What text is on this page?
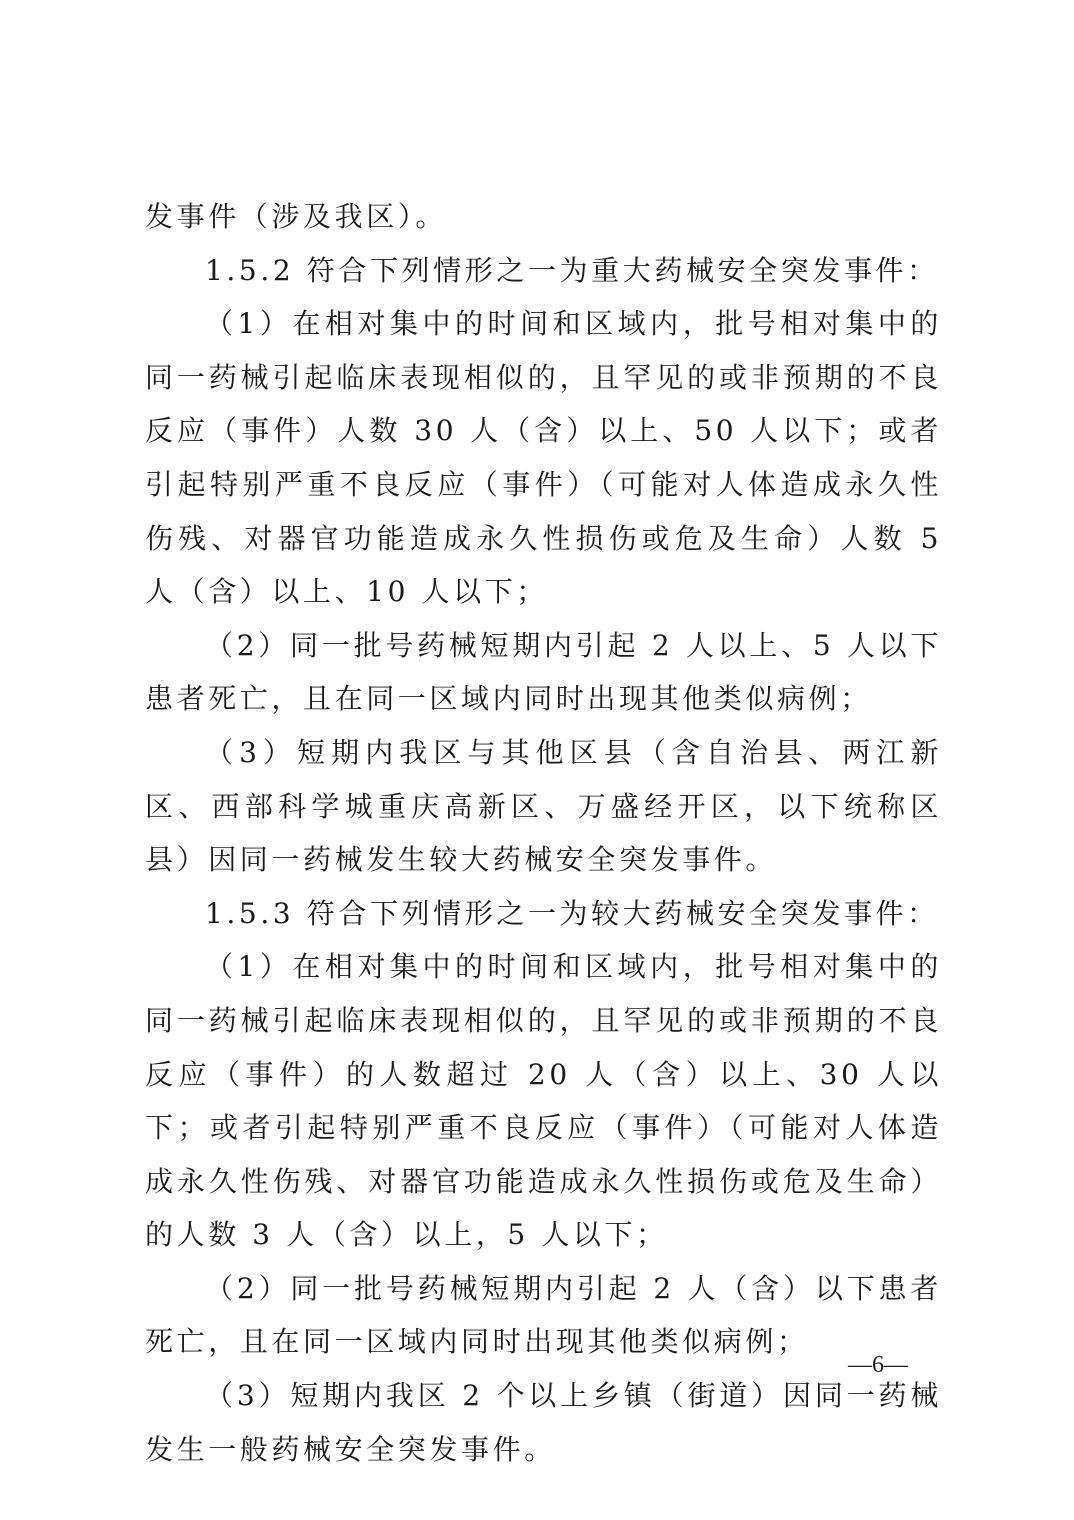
发事件（涉及我区）。

1.5.2 符合下列情形之一为重大药械安全突发事件：

（1）在相对集中的时间和区域内，批号相对集中的同一药械引起临床表现相似的，且罕见的或非预期的不良反应（事件）人数 30 人（含）以上、50 人以下；或者引起特别严重不良反应（事件）（可能对人体造成永久性伤残、对器官功能造成永久性损伤或危及生命）人数 5 人（含）以上、10 人以下；

（2）同一批号药械短期内引起 2 人以上、5 人以下患者死亡，且在同一区域内同时出现其他类似病例；

（3）短期内我区与其他区县（含自治县、两江新区、西部科学城重庆高新区、万盛经开区，以下统称区县）因同一药械发生较大药械安全突发事件。

1.5.3 符合下列情形之一为较大药械安全突发事件：

（1）在相对集中的时间和区域内，批号相对集中的同一药械引起临床表现相似的，且罕见的或非预期的不良反应（事件）的人数超过 20 人（含）以上、30 人以下；或者引起特别严重不良反应（事件）（可能对人体造成永久性伤残、对器官功能造成永久性损伤或危及生命）的人数 3 人（含）以上，5 人以下；

（2）同一批号药械短期内引起 2 人（含）以下患者死亡，且在同一区域内同时出现其他类似病例；

（3）短期内我区 2 个以上乡镇（街道）因同一药械发生一般药械安全突发事件。

—6—
